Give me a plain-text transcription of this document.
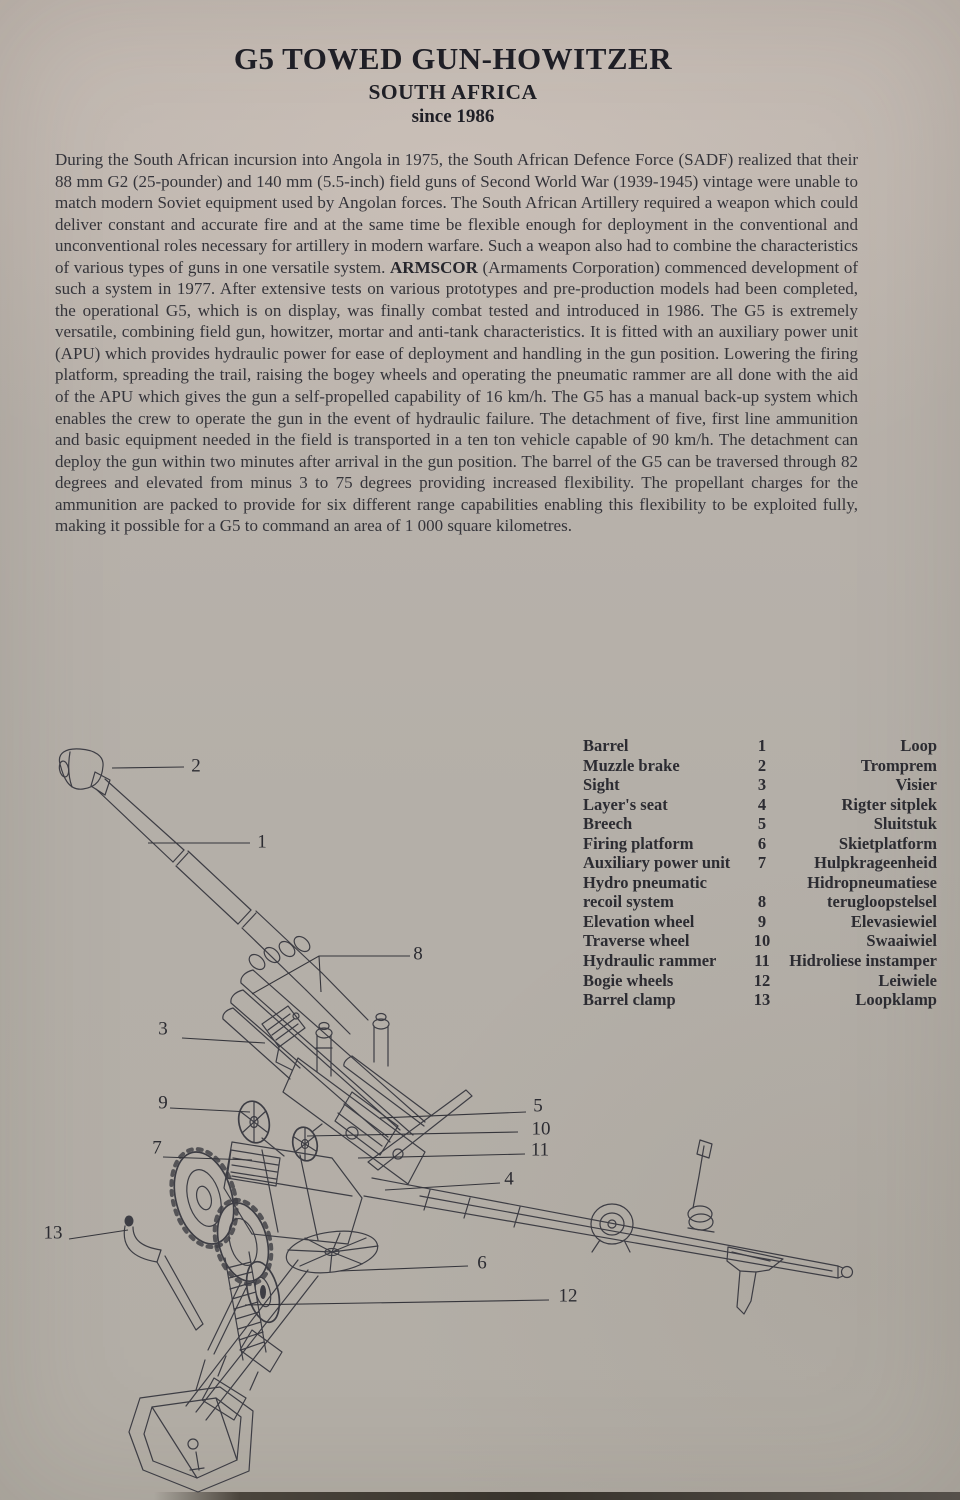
G5 TOWED GUN-HOWITZER
SOUTH AFRICA
since 1986
During the South African incursion into Angola in 1975, the South African Defence Force (SADF) realized that their 88 mm G2 (25-pounder) and 140 mm (5.5-inch) field guns of Second World War (1939-1945) vintage were unable to match modern Soviet equipment used by Angolan forces. The South African Artillery required a weapon which could deliver constant and accurate fire and at the same time be flexible enough for deployment in the conventional and unconventional roles necessary for artillery in modern warfare. Such a weapon also had to combine the characteristics of various types of guns in one versatile system. ARMSCOR (Armaments Corporation) commenced development of such a system in 1977. After extensive tests on various prototypes and pre-production models had been completed, the operational G5, which is on display, was finally combat tested and introduced in 1986. The G5 is extremely versatile, combining field gun, howitzer, mortar and anti-tank characteristics. It is fitted with an auxiliary power unit (APU) which provides hydraulic power for ease of deployment and handling in the gun position. Lowering the firing platform, spreading the trail, raising the bogey wheels and operating the pneumatic rammer are all done with the aid of the APU which gives the gun a self-propelled capability of 16 km/h. The G5 has a manual back-up system which enables the crew to operate the gun in the event of hydraulic failure. The detachment of five, first line ammunition and basic equipment needed in the field is transported in a ten ton vehicle capable of 90 km/h. The detachment can deploy the gun within two minutes after arrival in the gun position. The barrel of the G5 can be traversed through 82 degrees and elevated from minus 3 to 75 degrees providing increased flexibility. The propellant charges for the ammunition are packed to provide for six different range capabilities enabling this flexibility to be exploited fully, making it possible for a G5 to command an area of 1 000 square kilometres.
Barrel	1	Loop
Muzzle brake	2	Tromprem
Sight	3	Visier
Layer's seat	4	Rigter sitplek
Breech	5	Sluitstuk
Firing platform	6	Skietplatform
Auxiliary power unit	7	Hulpkrageenheid
Hydro pneumatic	Hidropneumatiese
recoil system	8	terugloopstelsel
Elevation wheel	9	Elevasiewiel
Traverse wheel	10	Swaaiwiel
Hydraulic rammer	11	Hidroliese instamper
Bogie wheels	12	Leiwiele
Barrel clamp	13	Loopklamp
1
2
3
4
5
6
7
8
9
10
11
12
13
